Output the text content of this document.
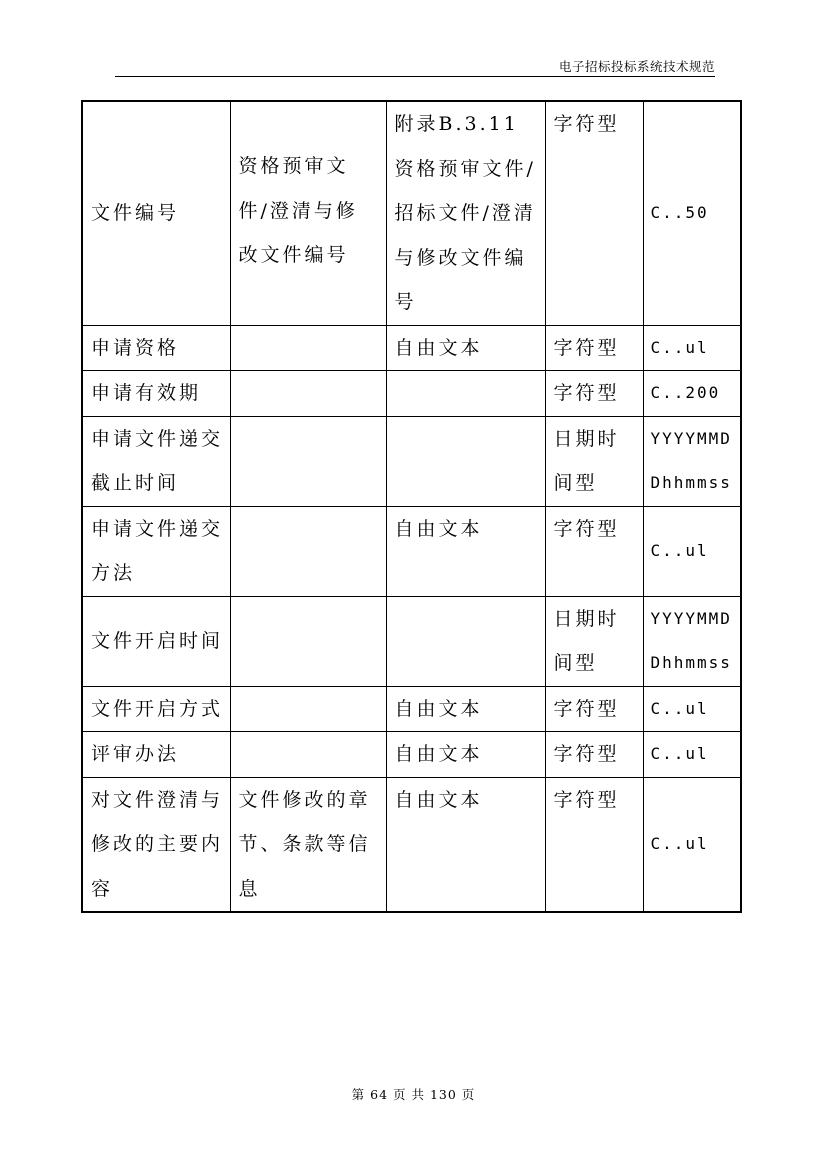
电子招标投标系统技术规范
文件编号	资格预审文件/澄清与修改文件编号	附录B.3.11资格预审文件/招标文件/澄清与修改文件编号	字符型	C..50
申请资格		自由文本	字符型	C..ul
申请有效期			字符型	C..200
申请文件递交截止时间			日期时间型	YYYYMMDDhhmmss
申请文件递交方法		自由文本	字符型	C..ul
文件开启时间			日期时间型	YYYYMMDDhhmmss
文件开启方式		自由文本	字符型	C..ul
评审办法		自由文本	字符型	C..ul
对文件澄清与修改的主要内容	文件修改的章节、条款等信息	自由文本	字符型	C..ul
第 64 页 共 130 页
